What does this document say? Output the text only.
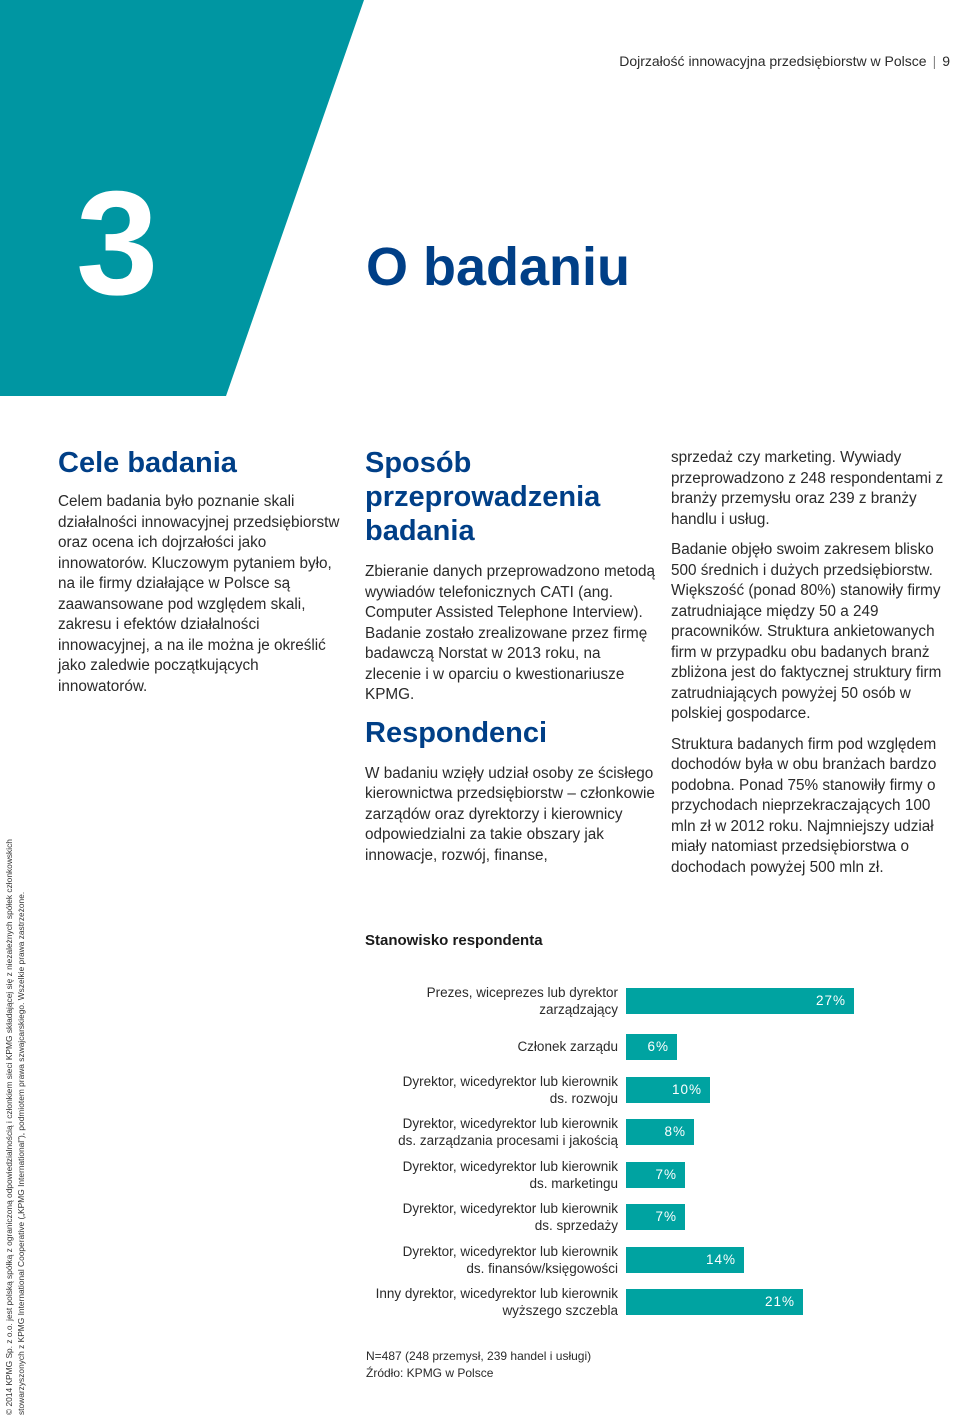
Dojrzałość innowacyjna przedsiębiorstw w Polsce | 9
3	O badaniu
Cele badania
Celem badania było poznanie skali działalności innowacyjnej przedsiębiorstw oraz ocena ich dojrzałości jako innowatorów. Kluczowym pytaniem było, na ile firmy działające w Polsce są zaawansowane pod względem skali, zakresu i efektów działalności innowacyjnej, a na ile można je określić jako zaledwie początkujących innowatorów.
Sposób przeprowadzenia badania
Zbieranie danych przeprowadzono metodą wywiadów telefonicznych CATI (ang. Computer Assisted Telephone Interview). Badanie zostało zrealizowane przez firmę badawczą Norstat w 2013 roku, na zlecenie i w oparciu o kwestionariusze KPMG.
Respondenci
W badaniu wzięły udział osoby ze ścisłego kierownictwa przedsiębiorstw – członkowie zarządów oraz dyrektorzy i kierownicy odpowiedzialni za takie obszary jak innowacje, rozwój, finanse,
sprzedaż czy marketing. Wywiady przeprowadzono z 248 respondentami z branży przemysłu oraz 239 z branży handlu i usług.
Badanie objęło swoim zakresem blisko 500 średnich i dużych przedsiębiorstw. Większość (ponad 80%) stanowiły firmy zatrudniające między 50 a 249 pracowników. Struktura ankietowanych firm w przypadku obu badanych branż zbliżona jest do faktycznej struktury firm zatrudniających powyżej 50 osób w polskiej gospodarce.
Struktura badanych firm pod względem dochodów była w obu branżach bardzo podobna. Ponad 75% stanowiły firmy o przychodach nieprzekraczających 100 mln zł w 2012 roku. Najmniejszy udział miały natomiast przedsiębiorstwa o dochodach powyżej 500 mln zł.
© 2014 KPMG Sp. z o.o. jest polską spółką z ograniczoną odpowiedzialnością i członkiem sieci KPMG składającej się z niezależnych spółek członkowskich stowarzyszonych z KPMG International Cooperative („KPMG International”), podmiotem prawa szwajcarskiego. Wszelkie prawa zastrzeżone.	Stanowisko respondenta
N=487 (248 przemysł, 239 handel i usługi)
Źródło: KPMG w Polsce
Prezes, wiceprezes lub dyrektor
zarządzający
27%
Członek zarządu 6%
Dyrektor, wicedyrektor lub kierownik
ds. rozwoju
10%
Dyrektor, wicedyrektor lub kierownik
ds. zarządzania procesami i jakością
8%
Dyrektor, wicedyrektor lub kierownik
ds. marketingu
7%
Dyrektor, wicedyrektor lub kierownik
ds. sprzedaży
7%
Dyrektor, wicedyrektor lub kierownik
ds. finansów/księgowości
14%
Inny dyrektor, wicedyrektor lub kierownik
wyższego szczebla
21%
